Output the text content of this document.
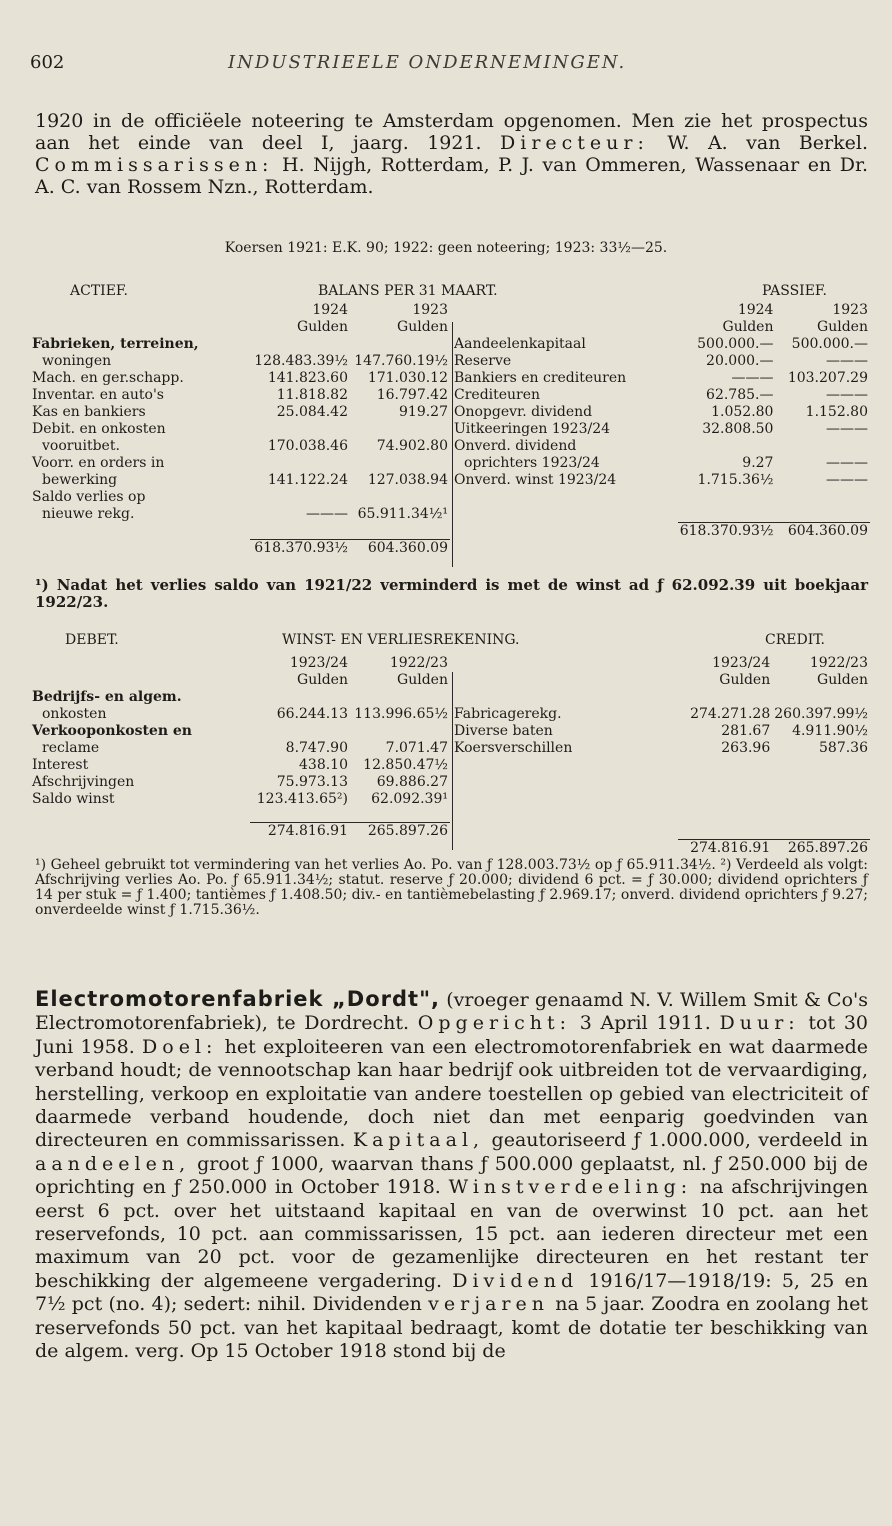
602	INDUSTRIEELE ONDERNEMINGEN.

1920 in de officiëele noteering te Amsterdam opgenomen. Men zie het prospectus aan het einde van deel I, jaarg. 1921. Directeur: W. A. van Berkel. Commissarissen: H. Nijgh, Rotterdam, P. J. van Ommeren, Wassenaar en Dr. A. C. van Rossem Nzn., Rotterdam.

Koersen 1921: E.K. 90; 1922: geen noteering; 1923: 33½—25.
ACTIEF.	BALANS PER 31 MAART.	PASSIEF.
	1924	1923
	Gulden	Gulden
Fabrieken, terreinen,		
woningen	128.483.39½	147.760.19½
Mach. en ger.schapp.	141.823.60	171.030.12
Inventar. en auto's	11.818.82	16.797.42
Kas en bankiers	25.084.42	919.27
Debit. en onkosten		
vooruitbet.	170.038.46	74.902.80
Voorr. en orders in		
bewerking	141.122.24	127.038.94
Saldo verlies op		
nieuwe rekg.	———	65.911.34½¹

	618.370.93½	604.360.09
	1924	1923
	Gulden	Gulden
Aandeelenkapitaal	500.000.—	500.000.—
Reserve	20.000.—	———
Bankiers en crediteuren	———	103.207.29
Crediteuren	62.785.—	———
Onopgevr. dividend	1.052.80	1.152.80
Uitkeeringen 1923/24	32.808.50	———
Onverd. dividend		
oprichters 1923/24	9.27	———
Onverd. winst 1923/24	1.715.36½	———

	618.370.93½	604.360.09

¹) Nadat het verlies saldo van 1921/22 verminderd is met de winst ad ƒ 62.092.39 uit boekjaar 1922/23.

DEBET.	WINST- EN VERLIESREKENING.	CREDIT.
	1923/24	1922/23
	Gulden	Gulden
Bedrijfs- en algem.		
onkosten	66.244.13	113.996.65½
Verkooponkosten en		
reclame	8.747.90	7.071.47
Interest	438.10	12.850.47½
Afschrijvingen	75.973.13	69.886.27
Saldo winst	123.413.65²)	62.092.39¹

	274.816.91	265.897.26
	1923/24	1922/23
	Gulden	Gulden

Fabricagerekg.	274.271.28	260.397.99½
Diverse baten	281.67	4.911.90½
Koersverschillen	263.96	587.36

	274.816.91	265.897.26

¹) Geheel gebruikt tot vermindering van het verlies Ao. Po. van ƒ 128.003.73½ op ƒ 65.911.34½. ²) Verdeeld als volgt: Afschrijving verlies Ao. Po. ƒ 65.911.34½; statut. reserve ƒ 20.000; dividend 6 pct. = ƒ 30.000; dividend oprichters ƒ 14 per stuk = ƒ 1.400; tantièmes ƒ 1.408.50; div.- en tantièmebelasting ƒ 2.969.17; onverd. dividend oprichters ƒ 9.27; onverdeelde winst ƒ 1.715.36½.

Electromotorenfabriek „Dordt", (vroeger genaamd N. V. Willem Smit & Co's Electromotorenfabriek), te Dordrecht. Opgericht: 3 April 1911. Duur: tot 30 Juni 1958. Doel: het exploiteeren van een electromotorenfabriek en wat daarmede verband houdt; de vennootschap kan haar bedrijf ook uitbreiden tot de vervaardiging, herstelling, verkoop en exploitatie van andere toestellen op gebied van electriciteit of daarmede verband houdende, doch niet dan met eenparig goedvinden van directeuren en commissarissen. Kapitaal, geautoriseerd ƒ 1.000.000, verdeeld in aandeelen, groot ƒ 1000, waarvan thans ƒ 500.000 geplaatst, nl. ƒ 250.000 bij de oprichting en ƒ 250.000 in October 1918. Winstverdeeling: na afschrijvingen eerst 6 pct. over het uitstaand kapitaal en van de overwinst 10 pct. aan het reservefonds, 10 pct. aan commissarissen, 15 pct. aan iederen directeur met een maximum van 20 pct. voor de gezamenlijke directeuren en het restant ter beschikking der algemeene vergadering. Dividend 1916/17—1918/19: 5, 25 en 7½ pct (no. 4); sedert: nihil. Dividenden verjaren na 5 jaar. Zoodra en zoolang het reservefonds 50 pct. van het kapitaal bedraagt, komt de dotatie ter beschikking van de algem. verg. Op 15 October 1918 stond bij de
